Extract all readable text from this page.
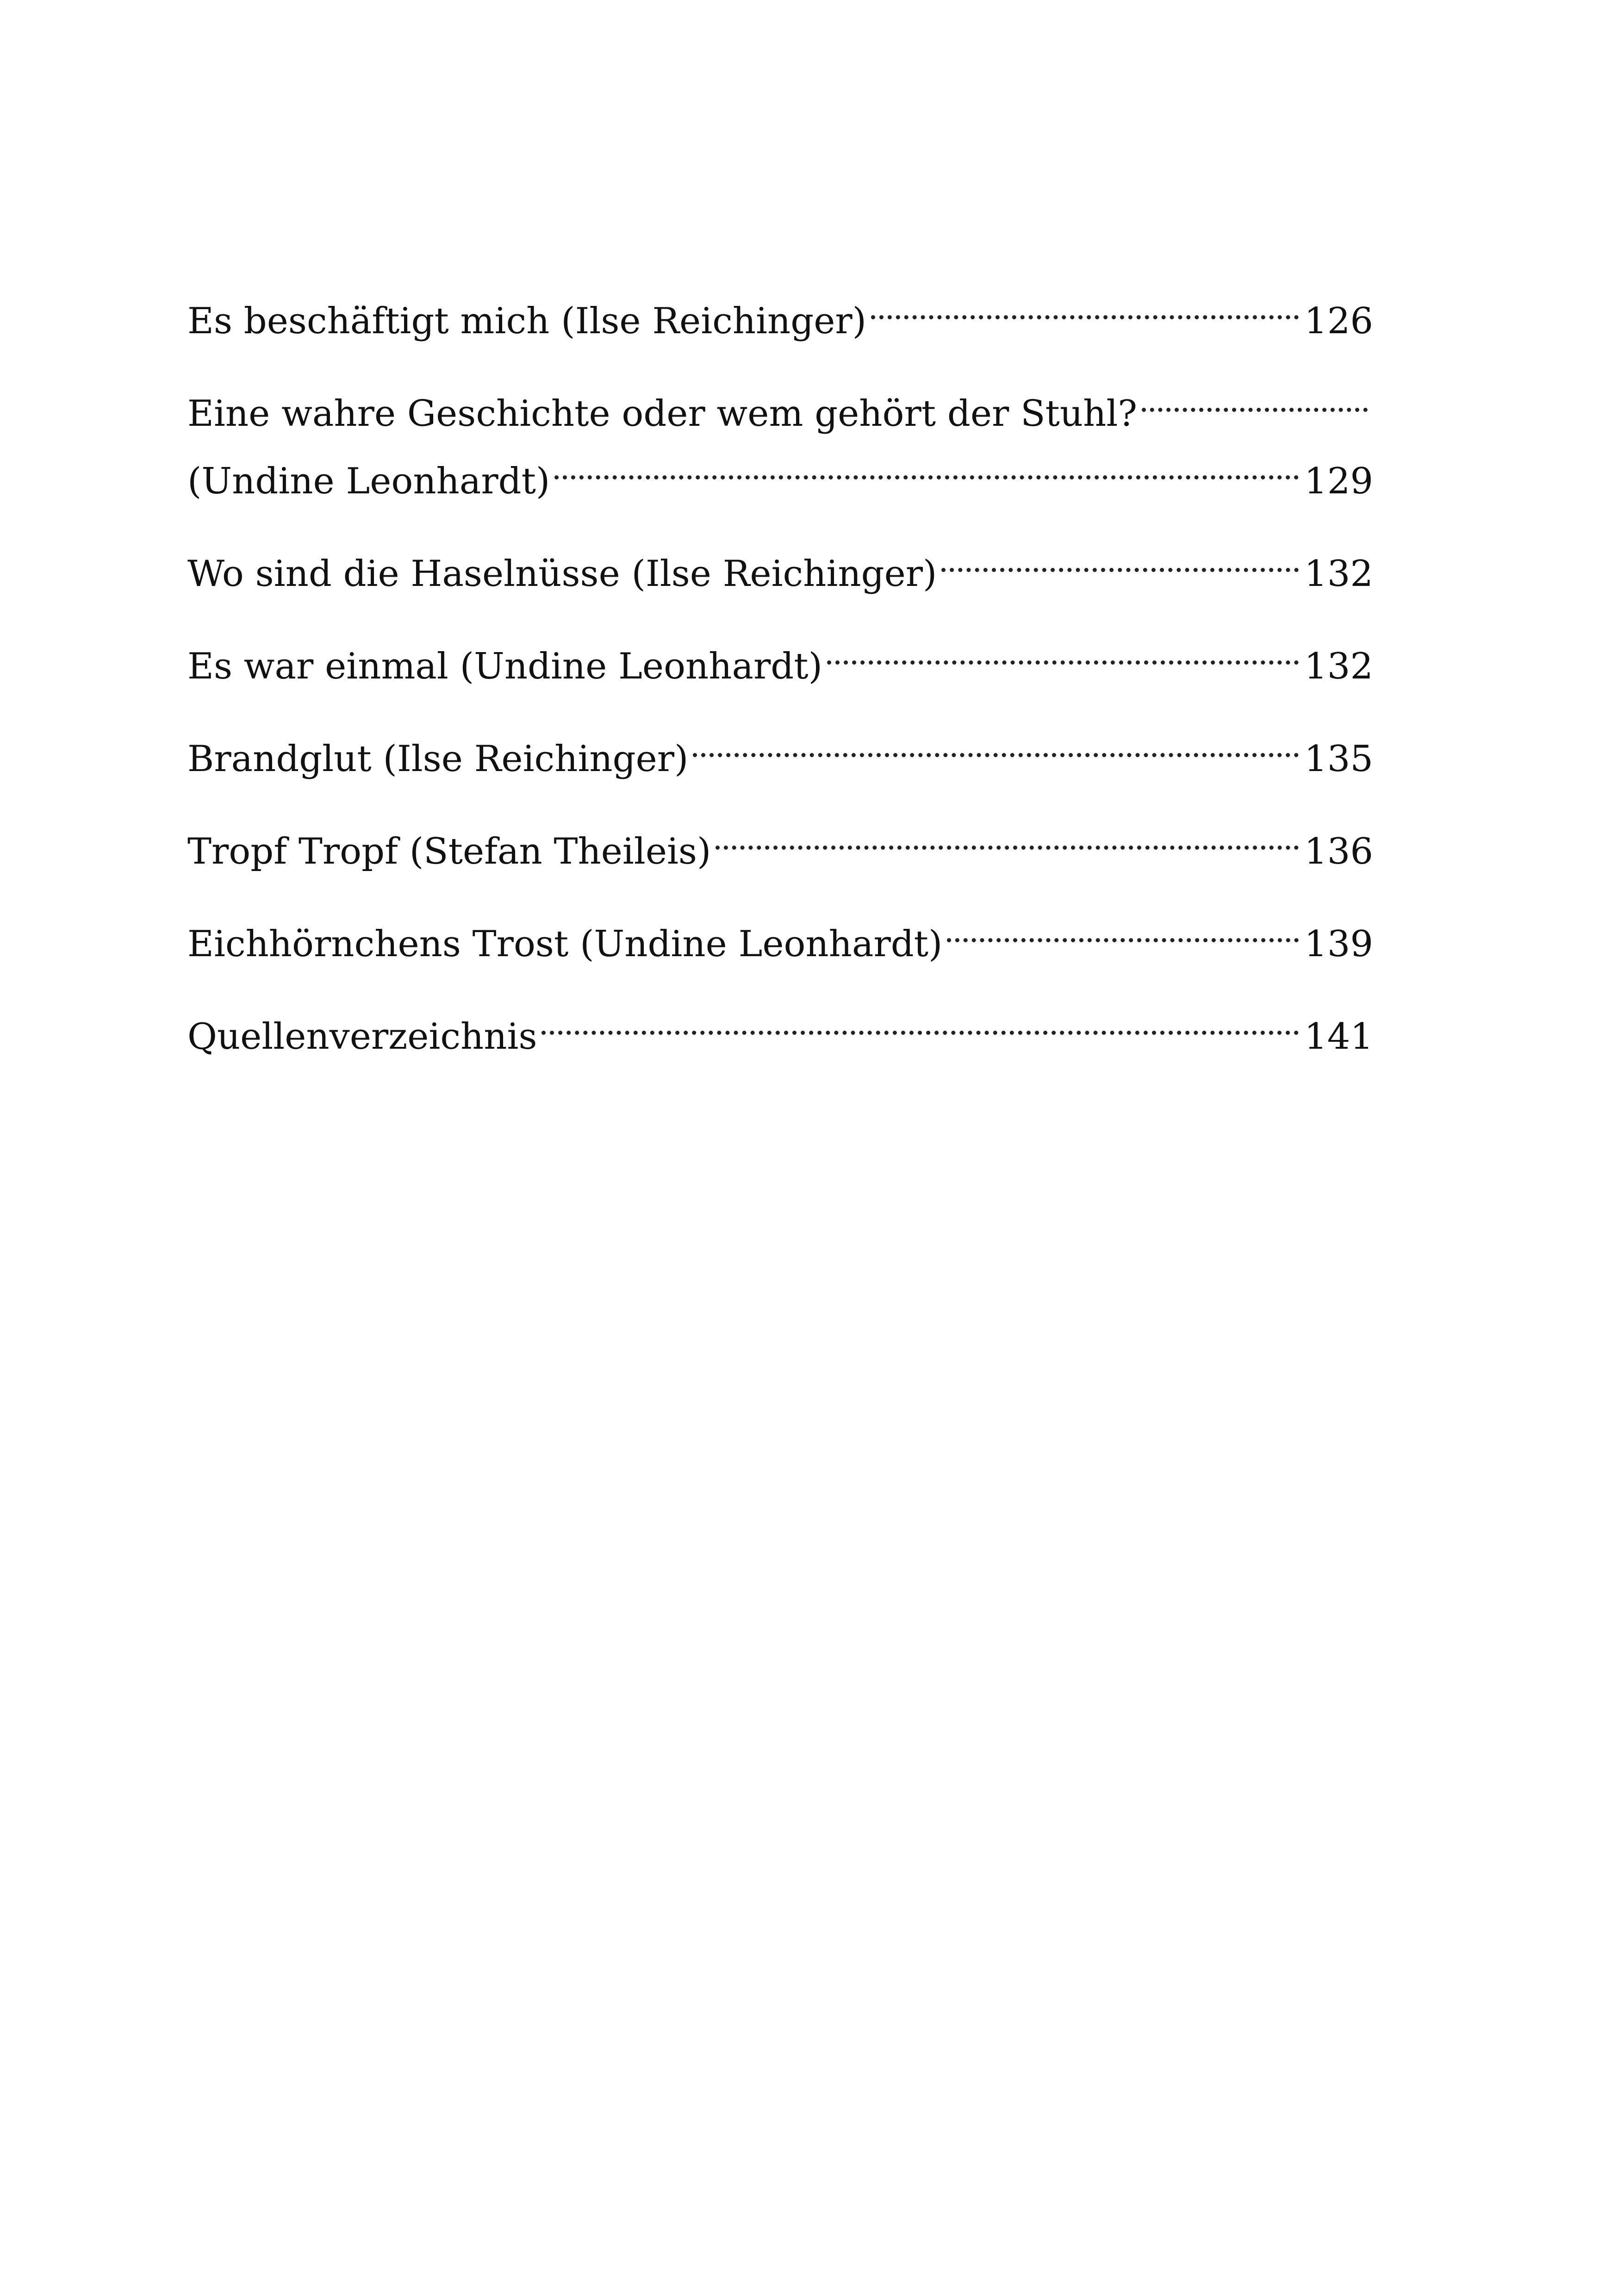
Es beschäftigt mich (Ilse Reichinger)	126
Eine wahre Geschichte oder wem gehört der Stuhl?
(Undine Leonhardt)	129
Wo sind die Haselnüsse (Ilse Reichinger)	132
Es war einmal (Undine Leonhardt)	132
Brandglut (Ilse Reichinger)	135
Tropf Tropf (Stefan Theileis)	136
Eichhörnchens Trost (Undine Leonhardt)	139
Quellenverzeichnis	141
